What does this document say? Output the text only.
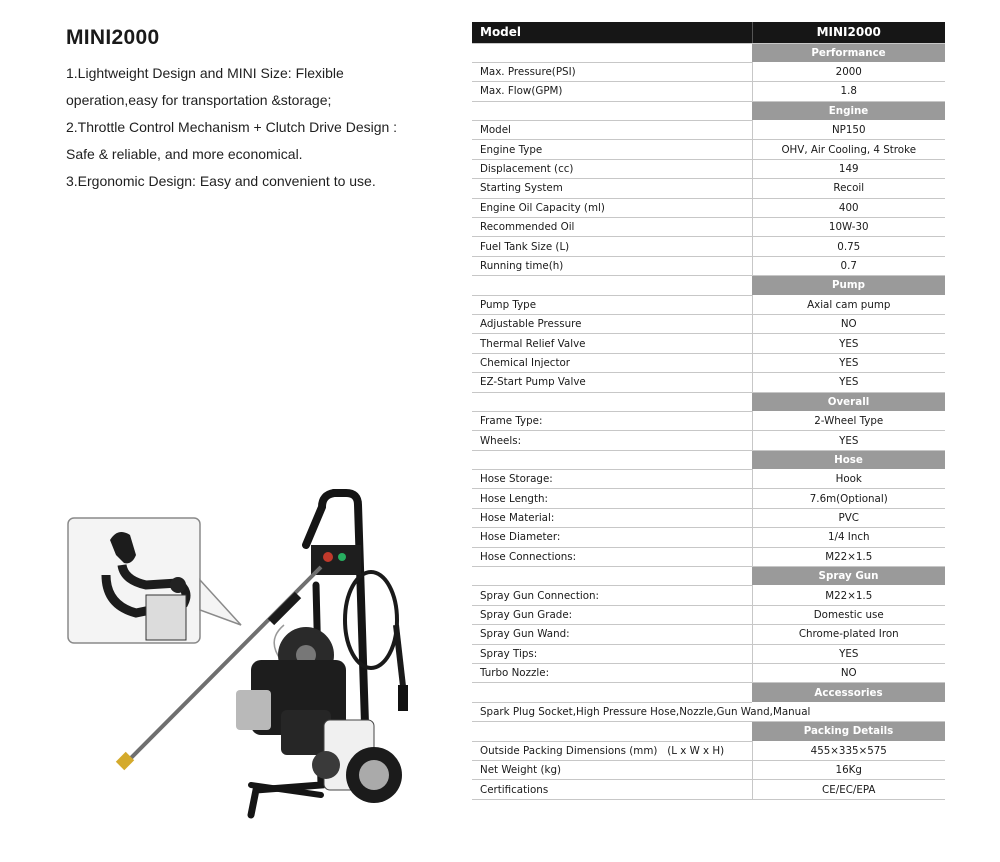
MINI2000
1.Lightweight Design and MINI Size: Flexible
operation,easy for transportation &storage;
2.Throttle Control Mechanism + Clutch Drive Design :
Safe & reliable, and more economical.
3.Ergonomic Design: Easy and convenient to use.
Model	MINI2000
	Performance
Max. Pressure(PSI)	2000
Max. Flow(GPM)	1.8
	Engine
Model	NP150
Engine Type	OHV, Air Cooling, 4 Stroke
Displacement (cc)	149
Starting System	Recoil
Engine Oil Capacity (ml)	400
Recommended Oil	10W-30
Fuel Tank Size (L)	0.75
Running time(h)	0.7
	Pump
Pump Type	Axial cam pump
Adjustable Pressure	NO
Thermal Relief Valve	YES
Chemical Injector	YES
EZ-Start Pump Valve	YES
	Overall
Frame Type:	2-Wheel Type
Wheels:	YES
	Hose
Hose Storage:	Hook
Hose Length:	7.6m(Optional)
Hose Material:	PVC
Hose Diameter:	1/4 Inch
Hose Connections:	M22×1.5
	Spray Gun
Spray Gun Connection:	M22×1.5
Spray Gun Grade:	Domestic use
Spray Gun Wand:	Chrome-plated Iron
Spray Tips:	YES
Turbo Nozzle:	NO
	Accessories
Spark Plug Socket,High Pressure Hose,Nozzle,Gun Wand,Manual	
	Packing Details
Outside Packing Dimensions (mm)   (L x W x H)	455×335×575
Net Weight (kg)	16Kg
Certifications	CE/EC/EPA
